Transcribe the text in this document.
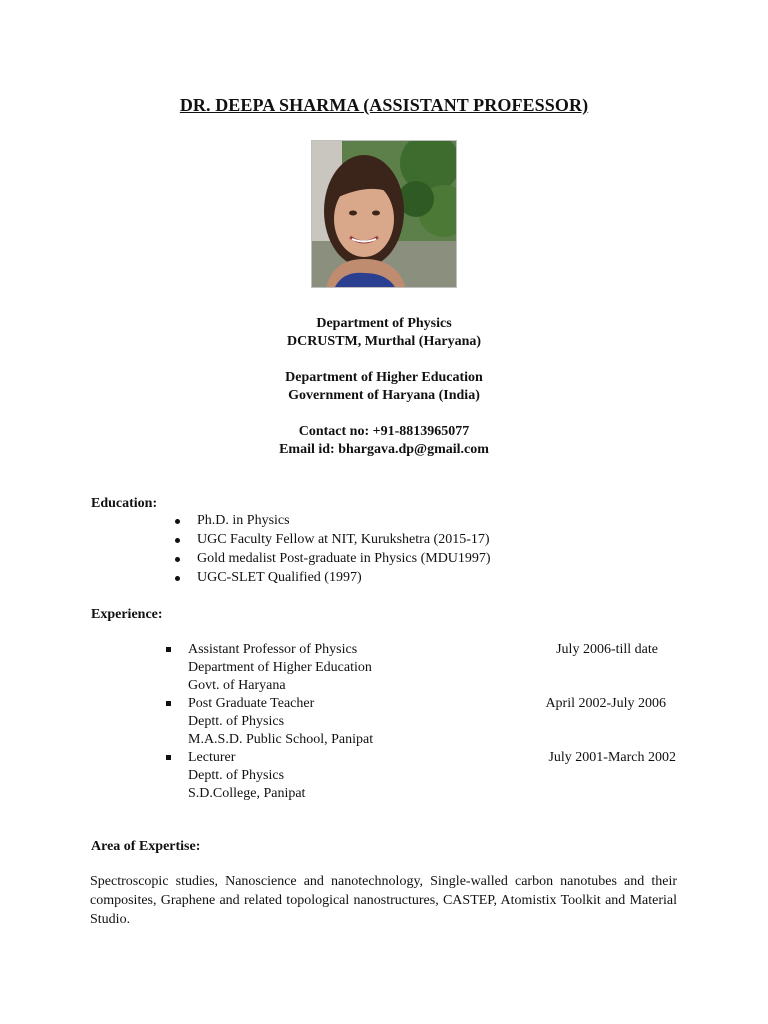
DR. DEEPA SHARMA (ASSISTANT PROFESSOR)
Department of Physics
DCRUSTM, Murthal (Haryana)
Department of Higher Education
Government of Haryana (India)
Contact no: +91-8813965077
Email id: bhargava.dp@gmail.com
Education:
Ph.D. in Physics
UGC Faculty Fellow at NIT, Kurukshetra (2015-17)
Gold medalist Post-graduate in Physics (MDU1997)
UGC-SLET Qualified (1997)
Experience:
Assistant Professor of Physics	July 2006-till date
Department of Higher Education
Govt. of Haryana
Post Graduate Teacher	April 2002-July 2006
Deptt. of Physics
M.A.S.D. Public School, Panipat
Lecturer	July 2001-March 2002
Deptt. of Physics
S.D.College, Panipat
Area of Expertise:
Spectroscopic studies, Nanoscience and nanotechnology, Single-walled carbon nanotubes and their composites, Graphene and related topological nanostructures, CASTEP, Atomistix Toolkit and Material Studio.
